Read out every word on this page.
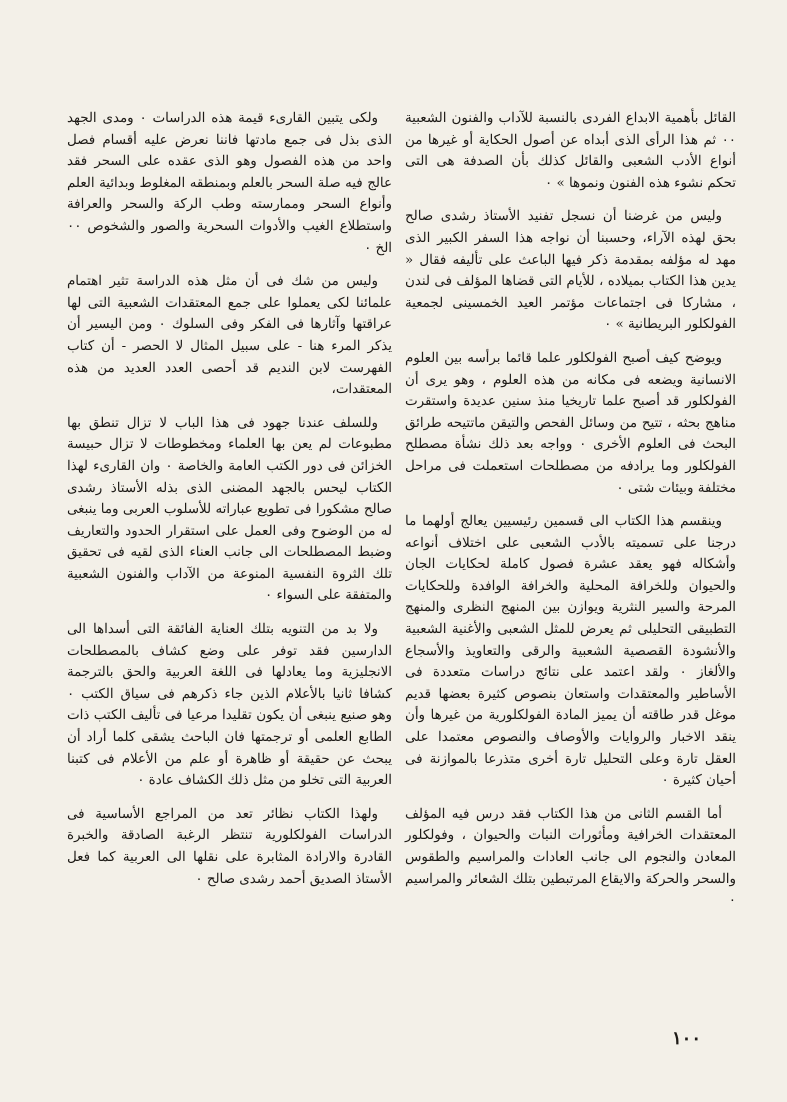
القائل بأهمية الابداع الفردى بالنسبة للآداب والفنون الشعبية ٠٠ ثم هذا الرأى الذى أبداه عن أصول الحكاية أو غيرها من أنواع الأدب الشعبى والقائل كذلك بأن الصدفة هى التى تحكم نشوء هذه الفنون ونموها » ٠

وليس من غرضنا أن نسجل تفنيد الأستاذ رشدى صالح بحق لهذه الآراء، وحسبنا أن نواجه هذا السفر الكبير الذى مهد له مؤلفه بمقدمة ذكر فيها الباعث على تأليفه فقال « يدين هذا الكتاب بميلاده ، للأيام التى قضاها المؤلف فى لندن ، مشاركا فى اجتماعات مؤتمر العيد الخمسينى لجمعية الفولكلور البريطانية » ٠

ويوضح كيف أصبح الفولكلور علما قائما برأسه بين العلوم الانسانية ويضعه فى مكانه من هذه العلوم ، وهو يرى أن الفولكلور قد أصبح علما تاريخيا منذ سنين عديدة واستقرت مناهج بحثه ، تتيح من وسائل الفحص والتيقن ماتتيحه طرائق البحث فى العلوم الأخرى ٠ وواجه بعد ذلك نشأة مصطلح الفولكلور وما يرادفه من مصطلحات استعملت فى مراحل مختلفة وبيئات شتى ٠

وينقسم هذا الكتاب الى قسمين رئيسيين يعالج أولهما ما درجنا على تسميته بالأدب الشعبى على اختلاف أنواعه وأشكاله فهو يعقد عشرة فصول كاملة لحكايات الجان والحيوان وللخرافة المحلية والخرافة الوافدة وللحكايات المرحة والسير النثرية ويوازن بين المنهج النظرى والمنهج التطبيقى التحليلى ثم يعرض للمثل الشعبى والأغنية الشعبية والأنشودة القصصية الشعبية والرقى والتعاويذ والأسجاع والألغاز ٠ ولقد اعتمد على نتائج دراسات متعددة فى الأساطير والمعتقدات واستعان بنصوص كثيرة بعضها قديم موغل قدر طاقته أن يميز المادة الفولكلورية من غيرها وأن ينقد الاخبار والروايات والأوصاف والنصوص معتمدا على العقل تارة وعلى التحليل تارة أخرى متذرعا بالموازنة فى أحيان كثيرة ٠

أما القسم الثانى من هذا الكتاب فقد درس فيه المؤلف المعتقدات الخرافية ومأثورات النبات والحيوان ، وفولكلور المعادن والنجوم الى جانب العادات والمراسيم والطقوس والسحر والحركة والايقاع المرتبطين بتلك الشعائر والمراسيم ٠

ولكى يتبين القارىء قيمة هذه الدراسات ٠ ومدى الجهد الذى بذل فى جمع مادتها فاننا نعرض عليه أقسام فصل واحد من هذه الفصول وهو الذى عقده على السحر فقد عالج فيه صلة السحر بالعلم وبمنطقه المغلوط وبدائية العلم وأنواع السحر وممارسته وطب الركة والسحر والعرافة واستطلاع الغيب والأدوات السحرية والصور والشخوص ٠٠ الخ ٠

وليس من شك فى أن مثل هذه الدراسة تثير اهتمام علمائنا لكى يعملوا على جمع المعتقدات الشعبية التى لها عراقتها وآثارها فى الفكر وفى السلوك ٠ ومن اليسير أن يذكر المرء هنا - على سبيل المثال لا الحصر - أن كتاب الفهرست لابن النديم قد أحصى العدد العديد من هذه المعتقدات،

وللسلف عندنا جهود فى هذا الباب لا تزال تنطق بها مطبوعات لم يعن بها العلماء ومخطوطات لا تزال حبيسة الخزائن فى دور الكتب العامة والخاصة ٠ وان القارىء لهذا الكتاب ليحس بالجهد المضنى الذى بذله الأستاذ رشدى صالح مشكورا فى تطويع عباراته للأسلوب العربى وما ينبغى له من الوضوح وفى العمل على استقرار الحدود والتعاريف وضبط المصطلحات الى جانب العناء الذى لقيه فى تحقيق تلك الثروة النفسية المنوعة من الآداب والفنون الشعبية والمتفقة على السواء ٠

ولا بد من التنويه بتلك العناية الفائقة التى أسداها الى الدارسين فقد توفر على وضع كشاف بالمصطلحات الانجليزية وما يعادلها فى اللغة العربية والحق بالترجمة كشافا ثانيا بالأعلام الذين جاء ذكرهم فى سياق الكتب ٠ وهو صنيع ينبغى أن يكون تقليدا مرعيا فى تأليف الكتب ذات الطابع العلمى أو ترجمتها فان الباحث يشقى كلما أراد أن يبحث عن حقيقة أو ظاهرة أو علم من الأعلام فى كتبنا العربية التى تخلو من مثل ذلك الكشاف عادة ٠

ولهذا الكتاب نظائر تعد من المراجع الأساسية فى الدراسات الفولكلورية تنتظر الرغبة الصادقة والخبرة القادرة والارادة المثابرة على نقلها الى العربية كما فعل الأستاذ الصديق أحمد رشدى صالح ٠

١٠٠
